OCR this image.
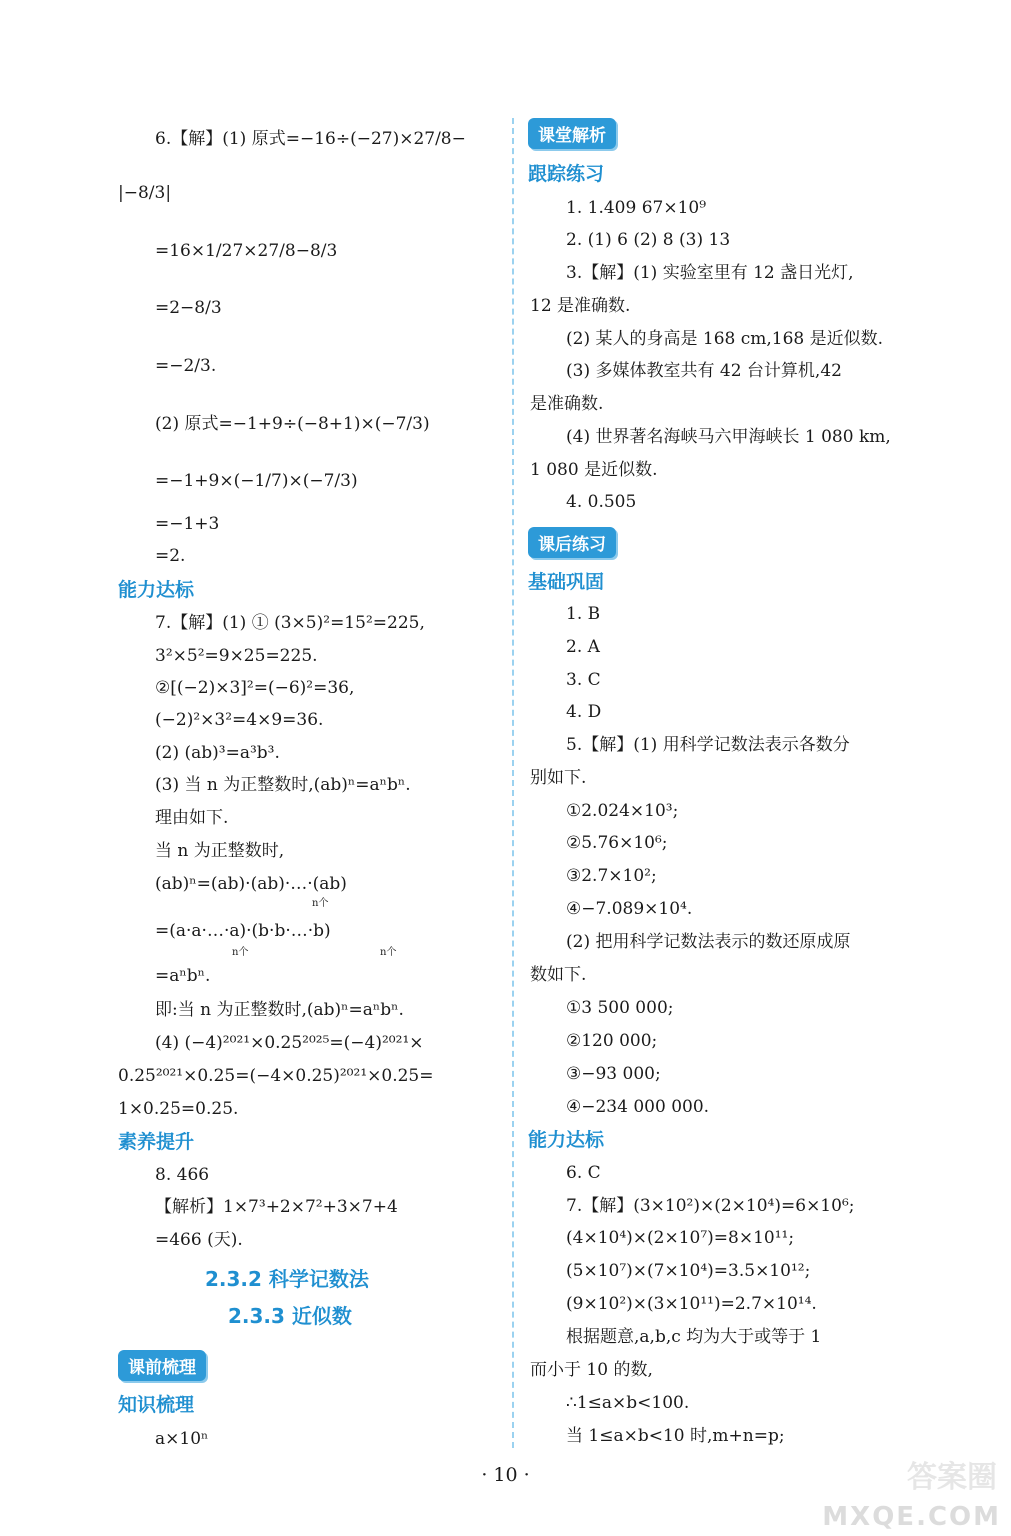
6.【解】(1) 原式=−16÷(−27)×27/8−
|−8/3|
=16×1/27×27/8−8/3
=2−8/3
=−2/3.
(2) 原式=−1+9÷(−8+1)×(−7/3)
=−1+9×(−1/7)×(−7/3)
=−1+3
=2.
能力达标
7.【解】(1) ① (3×5)²=15²=225,
3²×5²=9×25=225.
②[(−2)×3]²=(−6)²=36,
(−2)²×3²=4×9=36.
(2) (ab)³=a³b³.
(3) 当 n 为正整数时,(ab)ⁿ=aⁿbⁿ.
理由如下.
当 n 为正整数时,
(ab)ⁿ=(ab)·(ab)·…·(ab)
n个
=(a·a·…·a)·(b·b·…·b)
n个	n个
=aⁿbⁿ.
即:当 n 为正整数时,(ab)ⁿ=aⁿbⁿ.
(4) (−4)²⁰²¹×0.25²⁰²⁵=(−4)²⁰²¹×
0.25²⁰²¹×0.25=(−4×0.25)²⁰²¹×0.25=
1×0.25=0.25.
素养提升
8. 466
【解析】1×7³+2×7²+3×7+4
=466 (天).
2.3.2 科学记数法
2.3.3 近似数
课前梳理
知识梳理
a×10ⁿ
课堂解析
跟踪练习
1. 1.409 67×10⁹
2. (1) 6 (2) 8 (3) 13
3.【解】(1) 实验室里有 12 盏日光灯,
12 是准确数.
(2) 某人的身高是 168 cm,168 是近似数.
(3) 多媒体教室共有 42 台计算机,42
是准确数.
(4) 世界著名海峡马六甲海峡长 1 080 km,
1 080 是近似数.
4. 0.505
课后练习
基础巩固
1. B
2. A
3. C
4. D
5.【解】(1) 用科学记数法表示各数分
别如下.
①2.024×10³;
②5.76×10⁶;
③2.7×10²;
④−7.089×10⁴.
(2) 把用科学记数法表示的数还原成原
数如下.
①3 500 000;
②120 000;
③−93 000;
④−234 000 000.
能力达标
6. C
7.【解】(3×10²)×(2×10⁴)=6×10⁶;
(4×10⁴)×(2×10⁷)=8×10¹¹;
(5×10⁷)×(7×10⁴)=3.5×10¹²;
(9×10²)×(3×10¹¹)=2.7×10¹⁴.
根据题意,a,b,c 均为大于或等于 1
而小于 10 的数,
∴1≤a×b<100.
当 1≤a×b<10 时,m+n=p;
· 10 ·	答案圈
MXQE.COM
